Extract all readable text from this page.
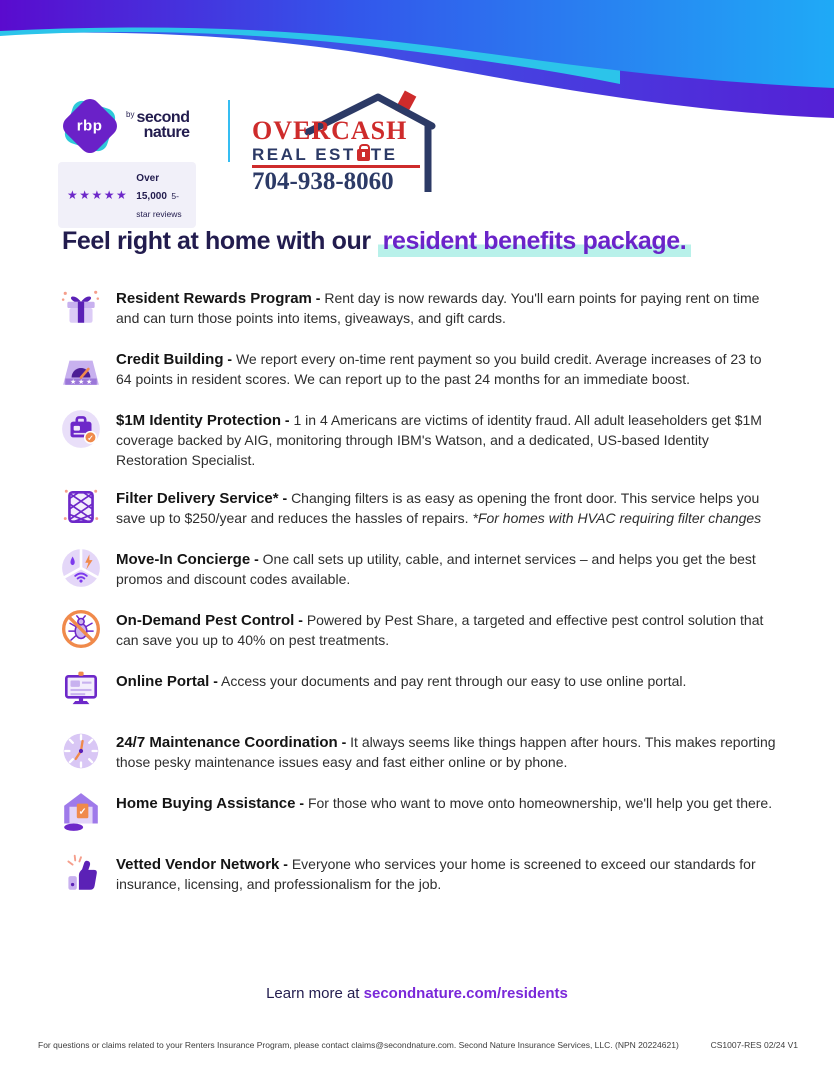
rbp
$^{by}$ second
nature
★★★★★
Over 15,000 5-star reviews
OVERCASH
REAL EST TE
704-938-8060
Feel right at home with our resident benefits package.

Resident Rewards Program - Rent day is now rewards day. You'll earn points for paying rent on time and can turn those points into items, giveaways, and gift cards.

Credit Building - We report every on-time rent payment so you build credit. Average increases of 23 to 64 points in resident scores. We can report up to the past 24 months for an immediate boost.

$1M Identity Protection - 1 in 4 Americans are victims of identity fraud. All adult leaseholders get $1M coverage backed by AIG, monitoring through IBM's Watson, and a dedicated, US-based Identity Restoration Specialist.

Filter Delivery Service* - Changing filters is as easy as opening the front door. This service helps you save up to $250/year and reduces the hassles of repairs. *For homes with HVAC requiring filter changes

Move-In Concierge - One call sets up utility, cable, and internet services – and helps you get the best promos and discount codes available.

On-Demand Pest Control - Powered by Pest Share, a targeted and effective pest control solution that can save you up to 40% on pest treatments.

Online Portal - Access your documents and pay rent through our easy to use online portal.

24/7 Maintenance Coordination - It always seems like things happen after hours. This makes reporting those pesky maintenance issues easy and fast either online or by phone.

Home Buying Assistance - For those who want to move onto homeownership, we'll help you get there.

Vetted Vendor Network - Everyone who services your home is screened to exceed our standards for insurance, licensing, and professionalism for the job.

Learn more at secondnature.com/residents
For questions or claims related to your Renters Insurance Program, please contact claims@secondnature.com. Second Nature Insurance Services, LLC. (NPN 20224621)	CS1007-RES 02/24 V1
